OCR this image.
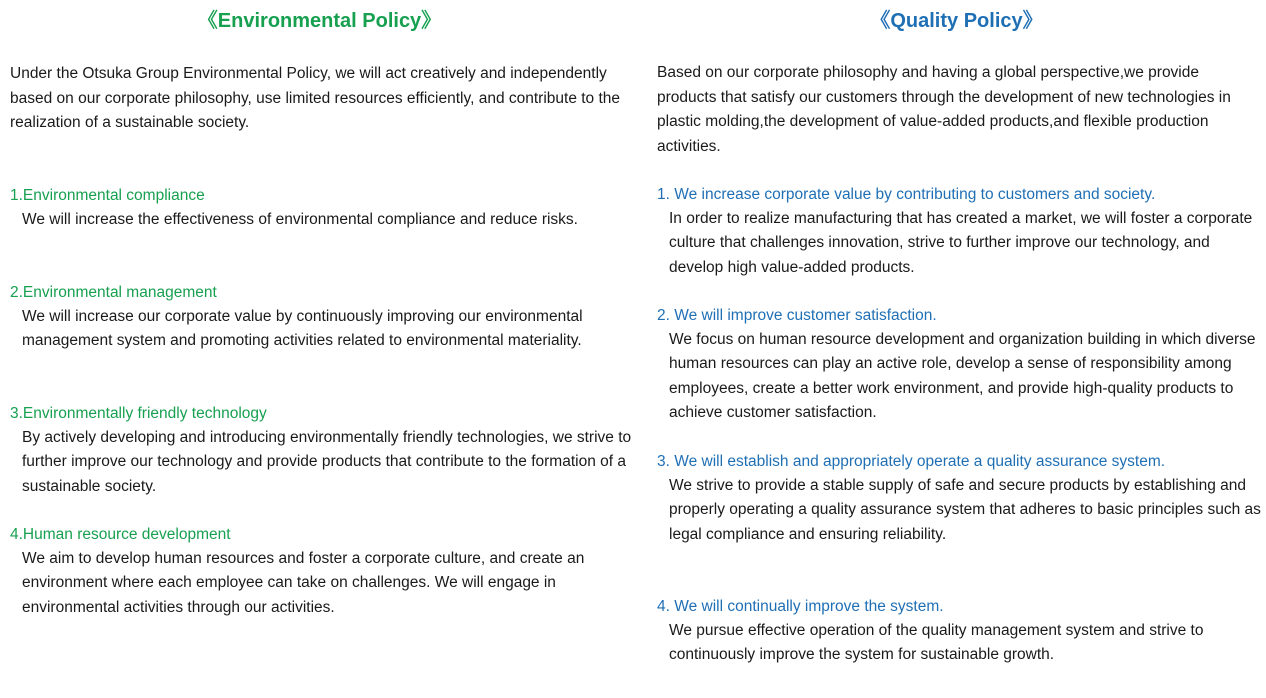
《Environmental Policy》

Under the Otsuka Group Environmental Policy, we will act creatively and independently based on our corporate philosophy, use limited resources efficiently, and contribute to the realization of a sustainable society.

1.Environmental compliance

We will increase the effectiveness of environmental compliance and reduce risks.

2.Environmental management

We will increase our corporate value by continuously improving our environmental management system and promoting activities related to environmental materiality.

3.Environmentally friendly technology

By actively developing and introducing environmentally friendly technologies, we strive to further improve our technology and provide products that contribute to the formation of a sustainable society.

4.Human resource development

We aim to develop human resources and foster a corporate culture, and create an environment where each employee can take on challenges. We will engage in environmental activities through our activities.

《Quality Policy》

Based on our corporate philosophy and having a global perspective,we provide products that satisfy our customers through the development of new technologies in plastic molding,the development of value-added products,and flexible production activities.

1. We increase corporate value by contributing to customers and society.

In order to realize manufacturing that has created a market, we will foster a corporate culture that challenges innovation, strive to further improve our technology, and develop high value-added products.

2. We will improve customer satisfaction.

We focus on human resource development and organization building in which diverse human resources can play an active role, develop a sense of responsibility among employees, create a better work environment, and provide high-quality products to achieve customer satisfaction.

3. We will establish and appropriately operate a quality assurance system.

We strive to provide a stable supply of safe and secure products by establishing and properly operating a quality assurance system that adheres to basic principles such as legal compliance and ensuring reliability.

4. We will continually improve the system.

We pursue effective operation of the quality management system and strive to continuously improve the system for sustainable growth.
